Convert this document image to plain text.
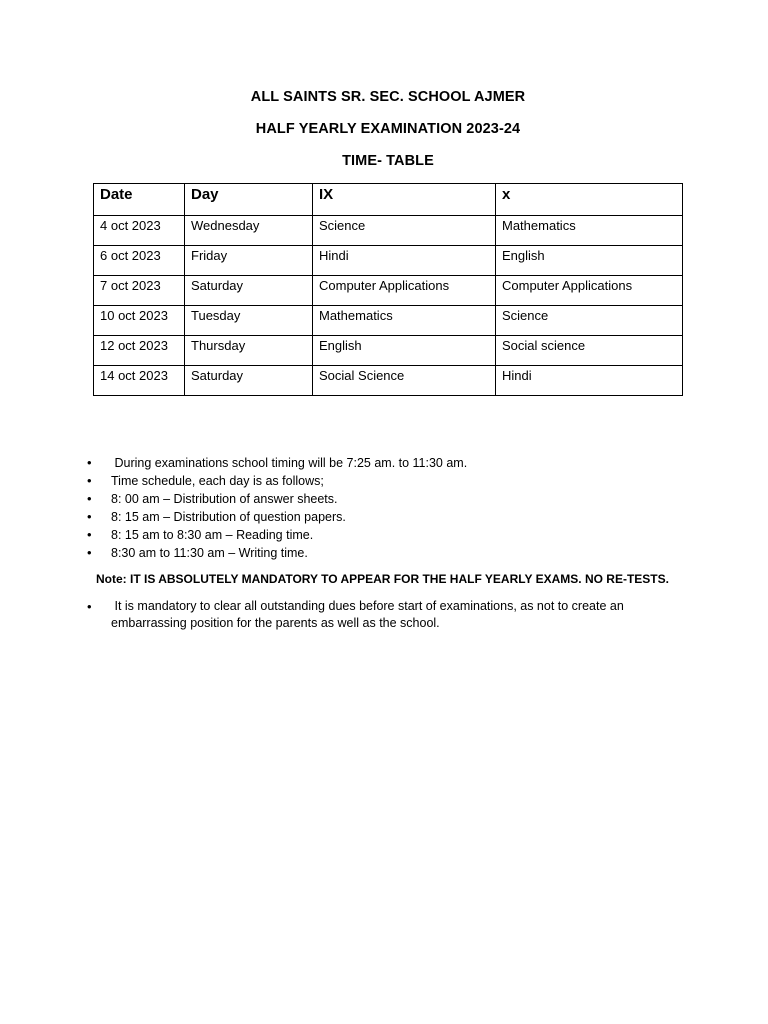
ALL SAINTS SR. SEC. SCHOOL AJMER
HALF YEARLY EXAMINATION 2023-24
TIME- TABLE
Date	Day	IX	x
4 oct 2023	Wednesday	Science	Mathematics
6 oct 2023	Friday	Hindi	English
7 oct 2023	Saturday	Computer Applications	Computer Applications
10 oct 2023	Tuesday	Mathematics	Science
12 oct 2023	Thursday	English	Social science
14 oct 2023	Saturday	Social Science	Hindi
• During examinations school timing will be 7:25 am. to 11:30 am.
• Time schedule, each day is as follows;
• 8: 00 am – Distribution of answer sheets.
• 8: 15 am – Distribution of question papers.
• 8: 15 am to 8:30 am – Reading time.
• 8:30 am to 11:30 am – Writing time.
Note: IT IS ABSOLUTELY MANDATORY TO APPEAR FOR THE HALF YEARLY EXAMS. NO RE-TESTS.
• It is mandatory to clear all outstanding dues before start of examinations, as not to create an embarrassing position for the parents as well as the school.
